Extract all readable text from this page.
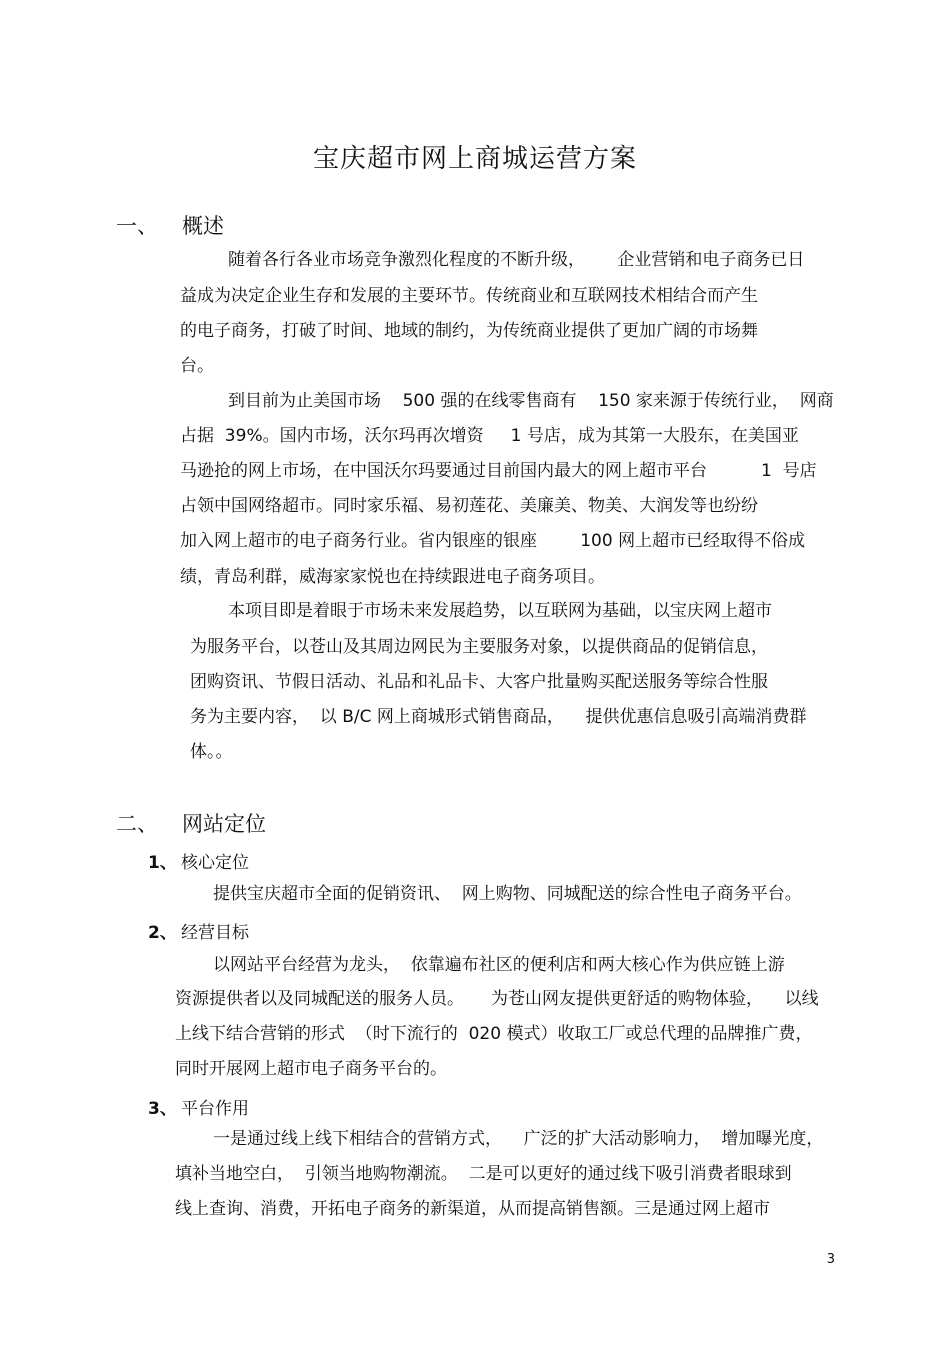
宝庆超市网上商城运营方案
一、	概述
随着各行各业市场竞争激烈化程度的不断升级，      企业营销和电子商务已日
益成为决定企业生存和发展的主要环节。传统商业和互联网技术相结合而产生
的电子商务，打破了时间、地域的制约，为传统商业提供了更加广阔的市场舞
台。
到目前为止美国市场    500 强的在线零售商有    150 家来源于传统行业，  网商
占据  39%。国内市场，沃尔玛再次增资     1 号店，成为其第一大股东，在美国亚
马逊抢的网上市场，在中国沃尔玛要通过目前国内最大的网上超市平台          1  号店
占领中国网络超市。同时家乐福、易初莲花、美廉美、物美、大润发等也纷纷
加入网上超市的电子商务行业。省内银座的银座        100 网上超市已经取得不俗成
绩，青岛利群，威海家家悦也在持续跟进电子商务项目。
本项目即是着眼于市场未来发展趋势，以互联网为基础，以宝庆网上超市
为服务平台，以苍山及其周边网民为主要服务对象，以提供商品的促销信息，
团购资讯、节假日活动、礼品和礼品卡、大客户批量购买配送服务等综合性服
务为主要内容，  以 B/C 网上商城形式销售商品，    提供优惠信息吸引高端消费群
体。。
二、	网站定位
1、 核心定位
提供宝庆超市全面的促销资讯、  网上购物、同城配送的综合性电子商务平台。
2、 经营目标
以网站平台经营为龙头，  依靠遍布社区的便利店和两大核心作为供应链上游
资源提供者以及同城配送的服务人员。     为苍山网友提供更舒适的购物体验，    以线
上线下结合营销的形式  （时下流行的  020 模式）收取工厂或总代理的品牌推广费，
同时开展网上超市电子商务平台的。
3、 平台作用
一是通过线上线下相结合的营销方式，    广泛的扩大活动影响力，  增加曝光度，
填补当地空白，  引领当地购物潮流。  二是可以更好的通过线下吸引消费者眼球到
线上查询、消费，开拓电子商务的新渠道，从而提高销售额。三是通过网上超市
3
